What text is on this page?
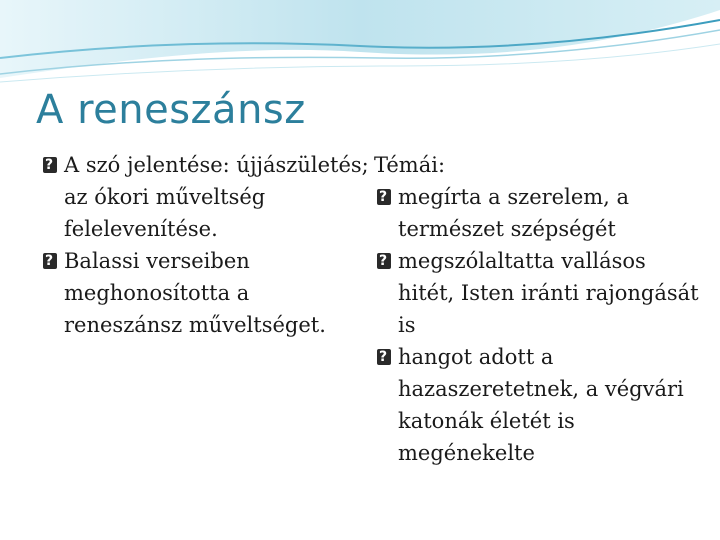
A reneszánsz
?
A szó jelentése: újjászületés; az ókori műveltség felelevenítése.
?
Balassi verseiben meghonosította a reneszánsz műveltséget.
Témái:
?
megírta a szerelem, a természet szépségét
?
megszólaltatta vallásos hitét, Isten iránti rajongását is
?
hangot adott a hazaszeretetnek, a végvári katonák életét is megénekelte
